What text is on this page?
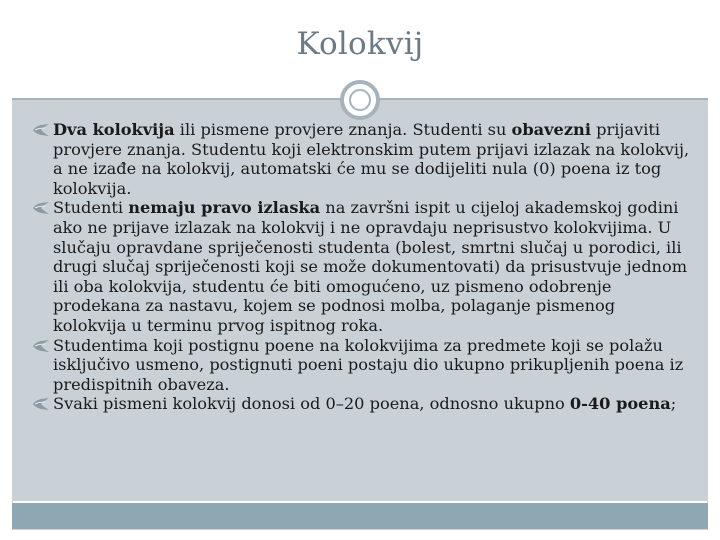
Kolokvij
Dva kolokvija ili pismene provjere znanja. Studenti su obavezni prijaviti provjere znanja. Studentu koji elektronskim putem prijavi izlazak na kolokvij, a ne izađe na kolokvij, automatski će mu se dodijeliti nula (0) poena iz tog kolokvija.
Studenti nemaju pravo izlaska na završni ispit u cijeloj akademskoj godini ako ne prijave izlazak na kolokvij i ne opravdaju neprisustvo kolokvijima. U slučaju opravdane spriječenosti studenta (bolest, smrtni slučaj u porodici, ili drugi slučaj spriječenosti koji se može dokumentovati) da prisustvuje jednom ili oba kolokvija, studentu će biti omogućeno, uz pismeno odobrenje prodekana za nastavu, kojem se podnosi molba, polaganje pismenog kolokvija u terminu prvog ispitnog roka.
Studentima koji postignu poene na kolokvijima za predmete koji se polažu isključivo usmeno, postignuti poeni postaju dio ukupno prikupljenih poena iz predispitnih obaveza.
Svaki pismeni kolokvij donosi od 0–20 poena, odnosno ukupno 0-40 poena;
